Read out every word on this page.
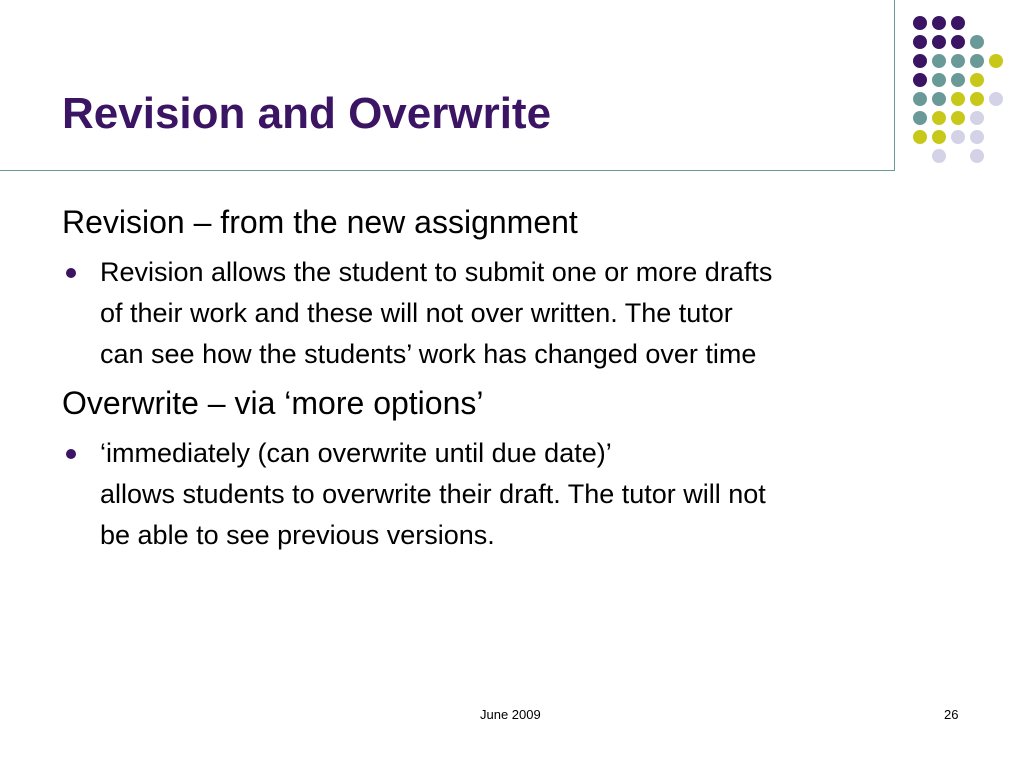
Revision and Overwrite

Revision – from the new assignment

Revision allows the student to submit one or more drafts
of their work and these will not over written. The tutor
can see how the students’ work has changed over time

Overwrite – via ‘more options’

‘immediately (can overwrite until due date)’
allows students to overwrite their draft. The tutor will not
be able to see previous versions.
June 2009	26
